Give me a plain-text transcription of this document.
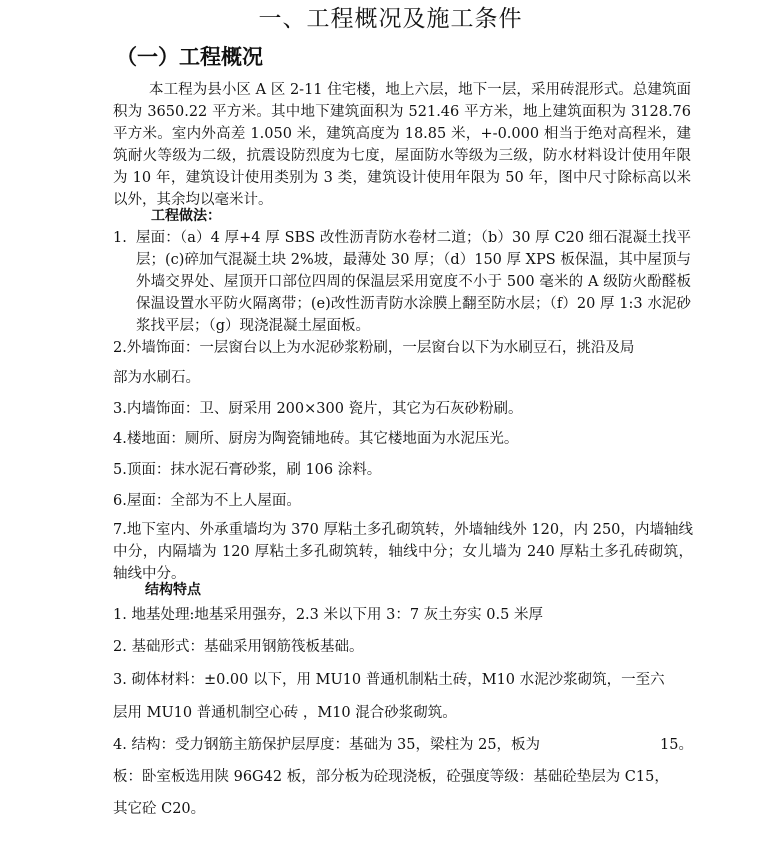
一、工程概况及施工条件
（一）工程概况
本工程为县小区 A 区 2-11 住宅楼，地上六层，地下一层，采用砖混形式。总建筑面积为 3650.22 平方米。其中地下建筑面积为 521.46 平方米，地上建筑面积为 3128.76 平方米。室内外高差 1.050 米，建筑高度为 18.85 米，+-0.000 相当于绝对高程米，建筑耐火等级为二级，抗震设防烈度为七度，屋面防水等级为三级，防水材料设计使用年限为 10 年，建筑设计使用类别为 3 类，建筑设计使用年限为 50 年，图中尺寸除标高以米以外，其余均以毫米计。
工程做法：
1. 屋面：（a）4 厚+4 厚 SBS 改性沥青防水卷材二道；（b）30 厚 C20 细石混凝土找平层；(c)碎加气混凝土块 2%坡，最薄处 30 厚；（d）150 厚 XPS 板保温，其中屋顶与外墙交界处、屋顶开口部位四周的保温层采用宽度不小于 500 毫米的 A 级防火酚醛板保温设置水平防火隔离带；(e)改性沥青防水涂膜上翻至防水层；（f）20 厚 1:3 水泥砂浆找平层；（g）现浇混凝土屋面板。
2.外墙饰面：一层窗台以上为水泥砂浆粉刷，一层窗台以下为水刷豆石，挑沿及局
部为水刷石。
3.内墙饰面：卫、厨采用 200×300 瓷片，其它为石灰砂粉刷。
4.楼地面：厕所、厨房为陶瓷铺地砖。其它楼地面为水泥压光。
5.顶面：抹水泥石膏砂浆，刷 106 涂料。
6.屋面：全部为不上人屋面。
7.地下室内、外承重墙均为 370 厚粘土多孔砌筑转，外墙轴线外 120，内 250，内墙轴线中分，内隔墙为 120 厚粘土多孔砌筑转，轴线中分；女儿墙为 240 厚粘土多孔砖砌筑，轴线中分。
结构特点
1. 地基处理:地基采用强夯，2.3 米以下用 3：7 灰土夯实 0.5 米厚
2. 基础形式：基础采用钢筋筏板基础。
3. 砌体材料：±0.00 以下，用 MU10 普通机制粘土砖，M10 水泥沙浆砌筑，一至六
层用 MU10 普通机制空心砖 ，M10 混合砂浆砌筑。
4. 结构：受力钢筋主筋保护层厚度：基础为 35，梁柱为 25，板为	15。
板：卧室板选用陕 96G42 板，部分板为砼现浇板，砼强度等级：基础砼垫层为 C15，
其它砼 C20。
